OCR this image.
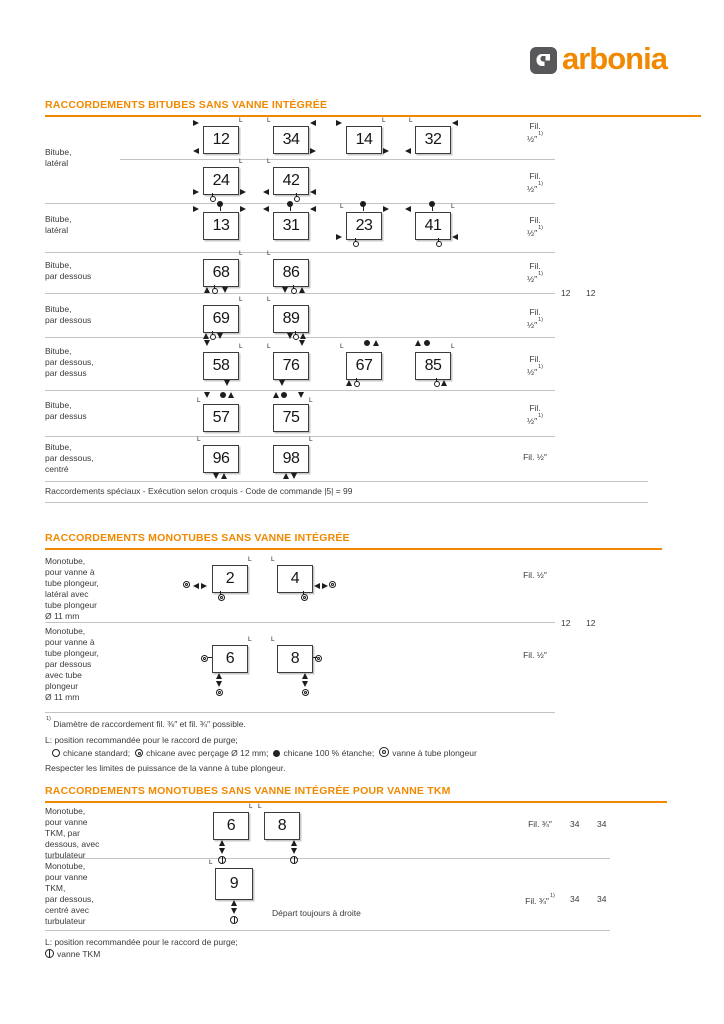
arbonia
RACCORDEMENTS BITUBES SANS VANNE INTÉGRÉE
Bitube,
latéral
Fil.
½″$^{1)}$
12
L
34
L
14
L
32
L
Fil.
½″$^{1)}$
24
L
42
L
Bitube,
latéral
Fil.
½″$^{1)}$
13	31	23
L
41
L
Bitube,
par dessous
Fil.
½″$^{1)}$
68
L
86
L
Bitube,
par dessous
Fil.
½″$^{1)}$
69
L
89
L
Bitube,
par dessous,
par dessus
Fil.
½″$^{1)}$
58
L
76
L
67
L
85
L
Bitube,
par dessus
Fil.
½″$^{1)}$
57
L
75
L
Bitube,
par dessous,
centré
Fil. ½″
96
L
98
L
Raccordements spéciaux - Exécution selon croquis - Code de commande |5| = 99
RACCORDEMENTS MONOTUBES SANS VANNE INTÉGRÉE
Monotube,
pour vanne à
tube plongeur,
latéral avec
tube plongeur
Ø 11 mm
Fil. ½″
2
L
4
L
Monotube,
pour vanne à
tube plongeur,
par dessous
avec tube
plongeur
Ø 11 mm
Fil. ½″
6
L
8
L
$^{1)}$ Diamètre de raccordement fil. ⅜″ et fil. ¾″ possible.
L: position recommandée pour le raccord de purge;
chicane standard; chicane avec perçage Ø 12 mm; chicane 100 % étanche; vanne à tube plongeur
Respecter les limites de puissance de la vanne à tube plongeur.
RACCORDEMENTS MONOTUBES SANS VANNE INTÉGRÉE POUR VANNE TKM
Monotube,
pour vanne
TKM, par
dessous, avec
turbulateur
Fil. ¾″
6
L
8
L
Monotube,
pour vanne
TKM,
par dessous,
centré avec
turbulateur
Fil. ¾″$^{1)}$
9
L
Départ toujours à droite
L: position recommandée pour le raccord de purge;
vanne TKM
12 12
12 12
34 34
34 34
